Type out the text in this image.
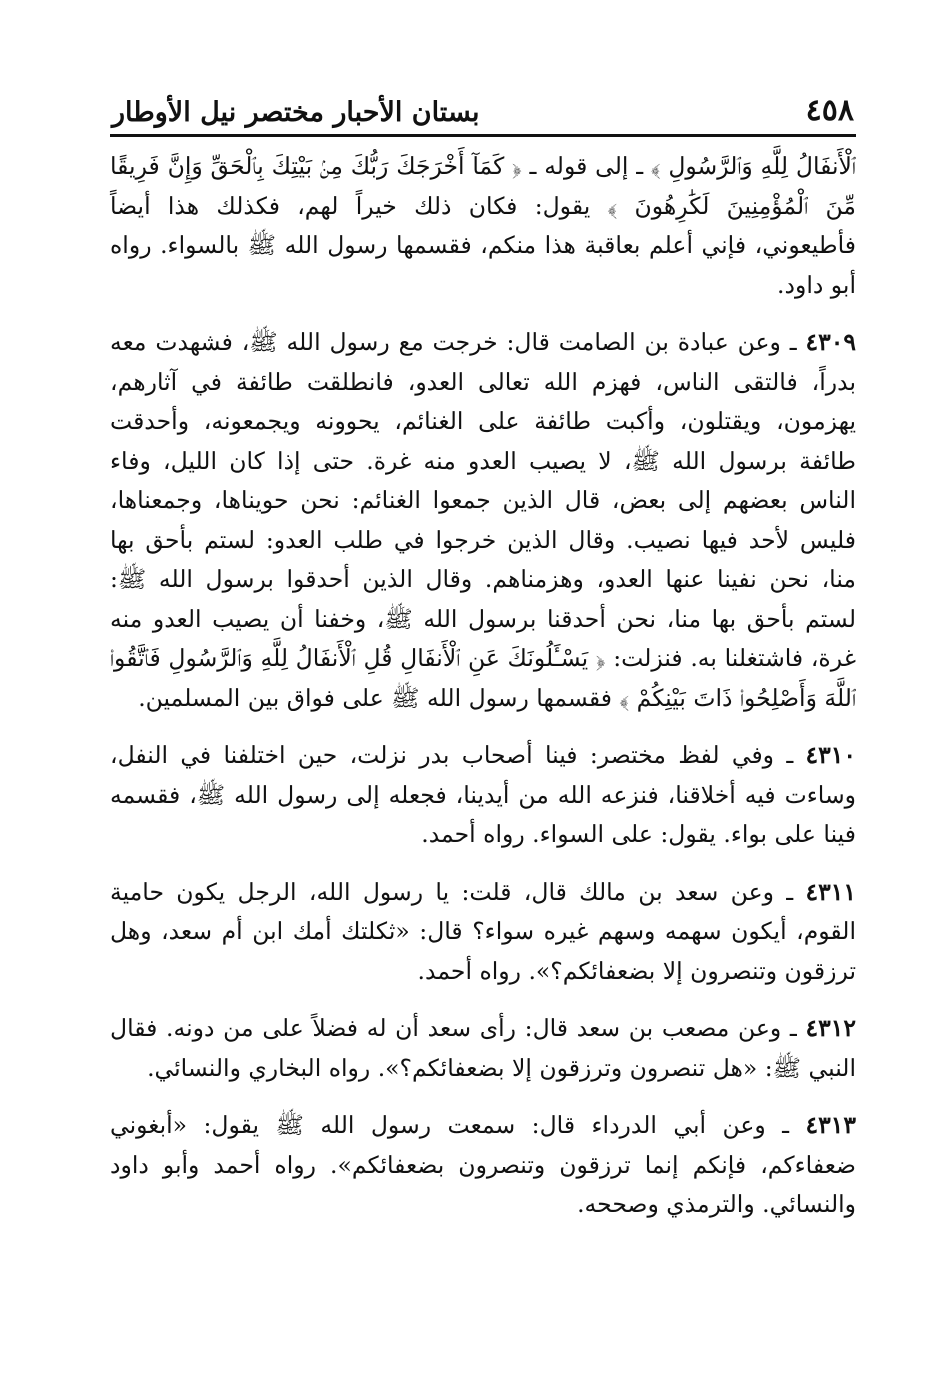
٤٥٨
بستان الأحبار مختصر نيل الأوطار

ٱلْأَنفَالُ لِلَّهِ وَٱلرَّسُولِ ﴾ ـ إلى قوله ـ ﴿ كَمَآ أَخْرَجَكَ رَبُّكَ مِنۢ بَيْتِكَ بِٱلْحَقِّ وَإِنَّ فَرِيقًا مِّنَ ٱلْمُؤْمِنِينَ لَكَٰرِهُونَ ﴾ يقول: فكان ذلك خيراً لهم، فكذلك هذا أيضاً فأطيعوني، فإني أعلم بعاقبة هذا منكم، فقسمها رسول الله ﷺ بالسواء. رواه أبو داود.

٤٣٠٩ ـ وعن عبادة بن الصامت قال: خرجت مع رسول الله ﷺ، فشهدت معه بدراً، فالتقى الناس، فهزم الله تعالى العدو، فانطلقت طائفة في آثارهم، يهزمون، ويقتلون، وأكبت طائفة على الغنائم، يحوونه ويجمعونه، وأحدقت طائفة برسول الله ﷺ، لا يصيب العدو منه غرة. حتى إذا كان الليل، وفاء الناس بعضهم إلى بعض، قال الذين جمعوا الغنائم: نحن حويناها، وجمعناها، فليس لأحد فيها نصيب. وقال الذين خرجوا في طلب العدو: لستم بأحق بها منا، نحن نفينا عنها العدو، وهزمناهم. وقال الذين أحدقوا برسول الله ﷺ: لستم بأحق بها منا، نحن أحدقنا برسول الله ﷺ، وخفنا أن يصيب العدو منه غرة، فاشتغلنا به. فنزلت: ﴿ يَسْـَٔلُونَكَ عَنِ ٱلْأَنفَالِ قُلِ ٱلْأَنفَالُ لِلَّهِ وَٱلرَّسُولِ فَٱتَّقُوا۟ ٱللَّهَ وَأَصْلِحُوا۟ ذَاتَ بَيْنِكُمْ ﴾ فقسمها رسول الله ﷺ على فواق بين المسلمين.

٤٣١٠ ـ وفي لفظ مختصر: فينا أصحاب بدر نزلت، حين اختلفنا في النفل، وساءت فيه أخلاقنا، فنزعه الله من أيدينا، فجعله إلى رسول الله ﷺ، فقسمه فينا على بواء. يقول: على السواء. رواه أحمد.

٤٣١١ ـ وعن سعد بن مالك قال، قلت: يا رسول الله، الرجل يكون حامية القوم، أيكون سهمه وسهم غيره سواء؟ قال: «ثكلتك أمك ابن أم سعد، وهل ترزقون وتنصرون إلا بضعفائكم؟». رواه أحمد.

٤٣١٢ ـ وعن مصعب بن سعد قال: رأى سعد أن له فضلاً على من دونه. فقال النبي ﷺ: «هل تنصرون وترزقون إلا بضعفائكم؟». رواه البخاري والنسائي.

٤٣١٣ ـ وعن أبي الدرداء قال: سمعت رسول الله ﷺ يقول: «أبغوني ضعفاءكم، فإنكم إنما ترزقون وتنصرون بضعفائكم». رواه أحمد وأبو داود والنسائي. والترمذي وصححه.
